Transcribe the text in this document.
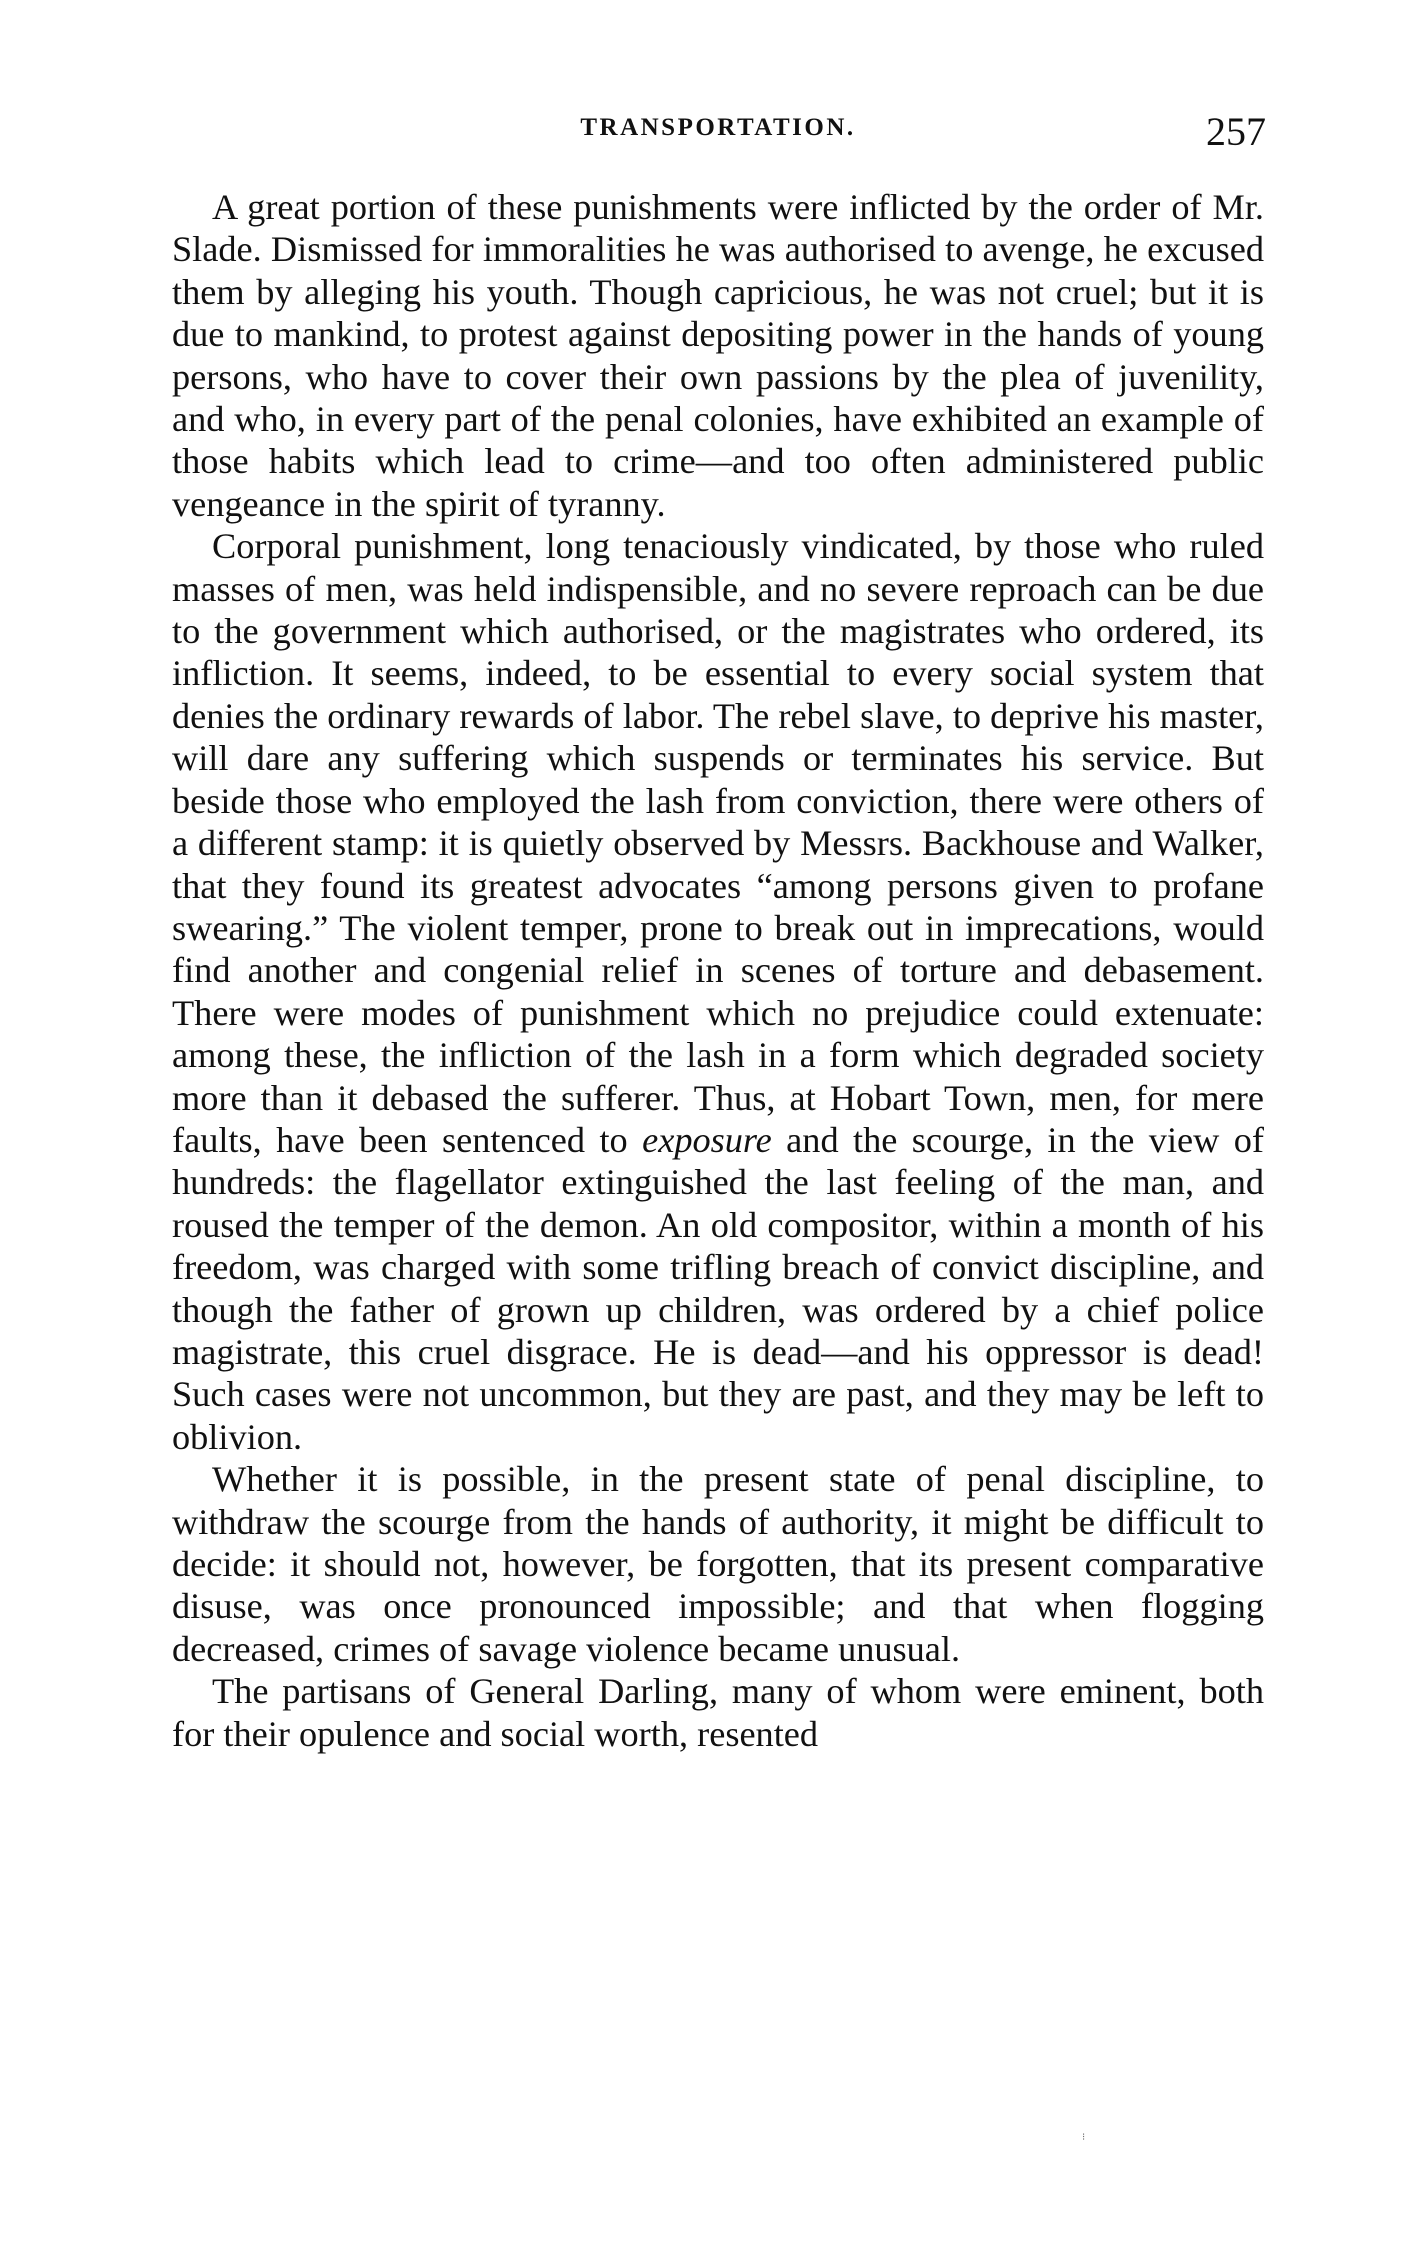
TRANSPORTATION.	257

A great portion of these punishments were inflicted by the order of Mr. Slade. Dismissed for immoralities he was authorised to avenge, he excused them by alleging his youth. Though capricious, he was not cruel; but it is due to mankind, to protest against depositing power in the hands of young persons, who have to cover their own passions by the plea of juvenility, and who, in every part of the penal colonies, have exhibited an example of those habits which lead to crime—and too often administered public vengeance in the spirit of tyranny.

Corporal punishment, long tenaciously vindicated, by those who ruled masses of men, was held indispensible, and no severe reproach can be due to the government which authorised, or the magistrates who ordered, its infliction. It seems, indeed, to be essential to every social system that denies the ordinary rewards of labor. The rebel slave, to deprive his master, will dare any suffering which suspends or terminates his service. But beside those who employed the lash from conviction, there were others of a different stamp: it is quietly observed by Messrs. Backhouse and Walker, that they found its greatest advocates “among persons given to profane swearing.” The violent temper, prone to break out in imprecations, would find another and congenial relief in scenes of torture and debasement. There were modes of punishment which no prejudice could extenuate: among these, the infliction of the lash in a form which degraded society more than it debased the sufferer. Thus, at Hobart Town, men, for mere faults, have been sentenced to exposure and the scourge, in the view of hundreds: the flagellator extinguished the last feeling of the man, and roused the temper of the demon. An old compositor, within a month of his freedom, was charged with some trifling breach of convict discipline, and though the father of grown up children, was ordered by a chief police magistrate, this cruel disgrace. He is dead—and his oppressor is dead! Such cases were not uncommon, but they are past, and they may be left to oblivion.

Whether it is possible, in the present state of penal discipline, to withdraw the scourge from the hands of authority, it might be difficult to decide: it should not, however, be forgotten, that its present comparative disuse, was once pronounced impossible; and that when flogging decreased, crimes of savage violence became unusual.

The partisans of General Darling, many of whom were eminent, both for their opulence and social worth, resented

⁝
